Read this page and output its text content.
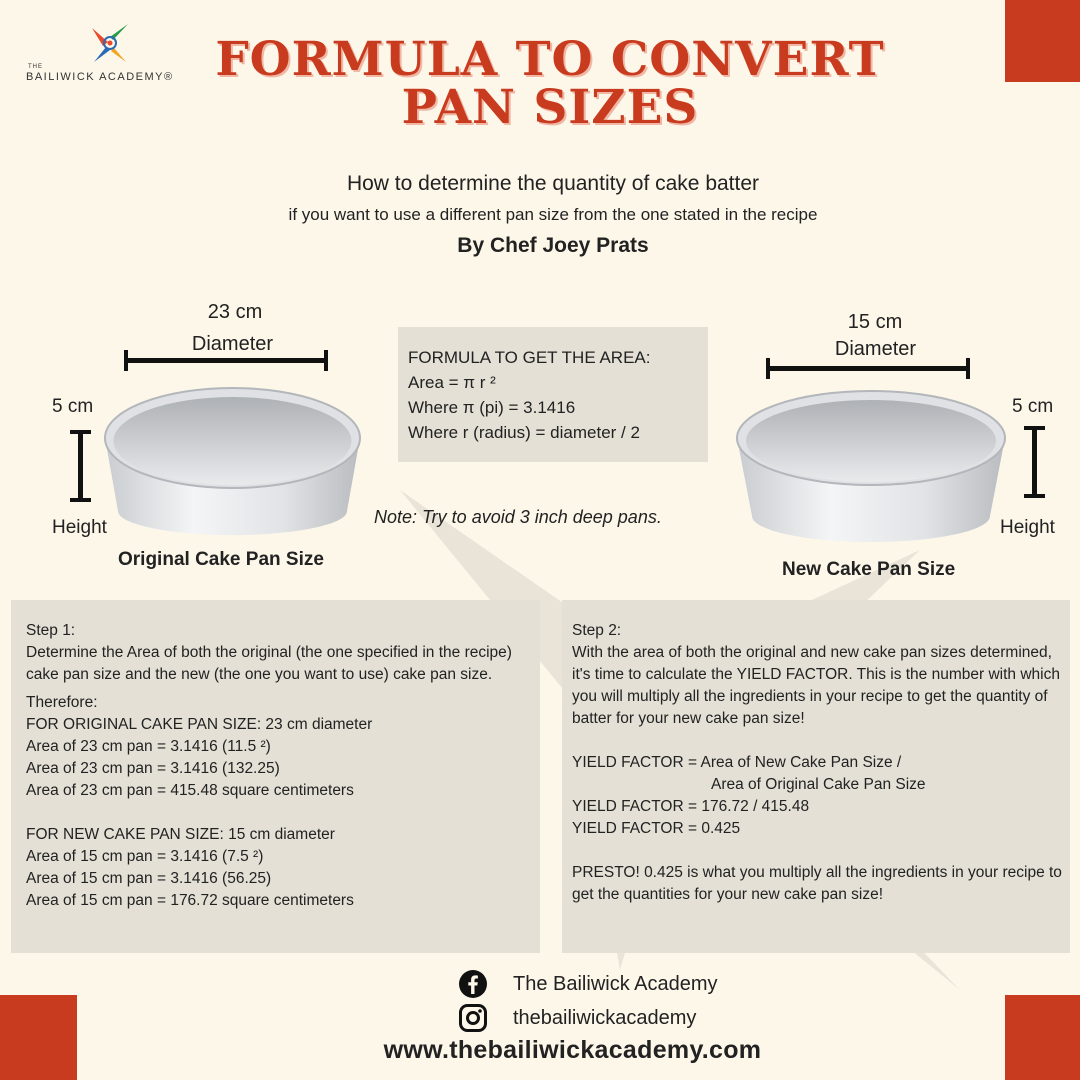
THE
BAILIWICK ACADEMY® FORMULA TO CONVERT
PAN SIZES
How to determine the quantity of cake batter
if you want to use a different pan size from the one stated in the recipe
By Chef Joey Prats
23 cm
Diameter
5 cm
Height
Original Cake Pan Size
FORMULA TO GET THE AREA:
Area = π r ²
Where π (pi) = 3.1416
Where r (radius) = diameter / 2
Note: Try to avoid 3 inch deep pans.
15 cm
Diameter
5 cm
Height
New Cake Pan Size
Step 1:
Determine the Area of both the original (the one specified in the recipe) cake pan size and the new (the one you want to use) cake pan size.
Therefore:
FOR ORIGINAL CAKE PAN SIZE: 23 cm diameter
Area of 23 cm pan = 3.1416 (11.5 ²)
Area of 23 cm pan = 3.1416 (132.25)
Area of 23 cm pan = 415.48 square centimeters
FOR NEW CAKE PAN SIZE: 15 cm diameter
Area of 15 cm pan = 3.1416 (7.5 ²)
Area of 15 cm pan = 3.1416 (56.25)
Area of 15 cm pan = 176.72 square centimeters
Step 2:
With the area of both the original and new cake pan sizes determined, it's time to calculate the YIELD FACTOR. This is the number with which you will multiply all the ingredients in your recipe to get the quantity of batter for your new cake pan size!
YIELD FACTOR = Area of New Cake Pan Size /
Area of Original Cake Pan Size
YIELD FACTOR = 176.72 / 415.48
YIELD FACTOR = 0.425
PRESTO! 0.425 is what you multiply all the ingredients in your recipe to get the quantities for your new cake pan size!
The Bailiwick Academy
thebailiwickacademy
www.thebailiwickacademy.com
